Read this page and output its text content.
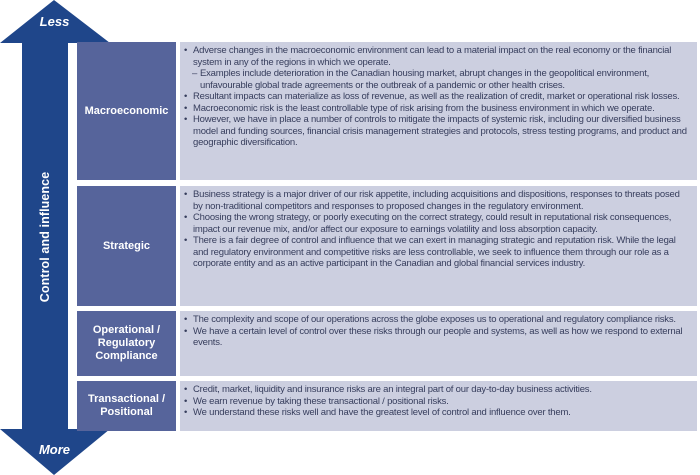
Less
Control and influence
More
Macroeconomic
• Adverse changes in the macroeconomic environment can lead to a material impact on the real economy or the financial system in any of the regions in which we operate.
– Examples include deterioration in the Canadian housing market, abrupt changes in the geopolitical environment, unfavourable global trade agreements or the outbreak of a pandemic or other health crises.
• Resultant impacts can materialize as loss of revenue, as well as the realization of credit, market or operational risk losses.
• Macroeconomic risk is the least controllable type of risk arising from the business environment in which we operate.
• However, we have in place a number of controls to mitigate the impacts of systemic risk, including our diversified business model and funding sources, financial crisis management strategies and protocols, stress testing programs, and product and geographic diversification.
Strategic
• Business strategy is a major driver of our risk appetite, including acquisitions and dispositions, responses to threats posed by non-traditional competitors and responses to proposed changes in the regulatory environment.
• Choosing the wrong strategy, or poorly executing on the correct strategy, could result in reputational risk consequences, impact our revenue mix, and/or affect our exposure to earnings volatility and loss absorption capacity.
• There is a fair degree of control and influence that we can exert in managing strategic and reputation risk. While the legal and regulatory environment and competitive risks are less controllable, we seek to influence them through our role as a corporate entity and as an active participant in the Canadian and global financial services industry.
Operational / Regulatory Compliance
• The complexity and scope of our operations across the globe exposes us to operational and regulatory compliance risks.
• We have a certain level of control over these risks through our people and systems, as well as how we respond to external events.
Transactional / Positional
• Credit, market, liquidity and insurance risks are an integral part of our day-to-day business activities.
• We earn revenue by taking these transactional / positional risks.
• We understand these risks well and have the greatest level of control and influence over them.
